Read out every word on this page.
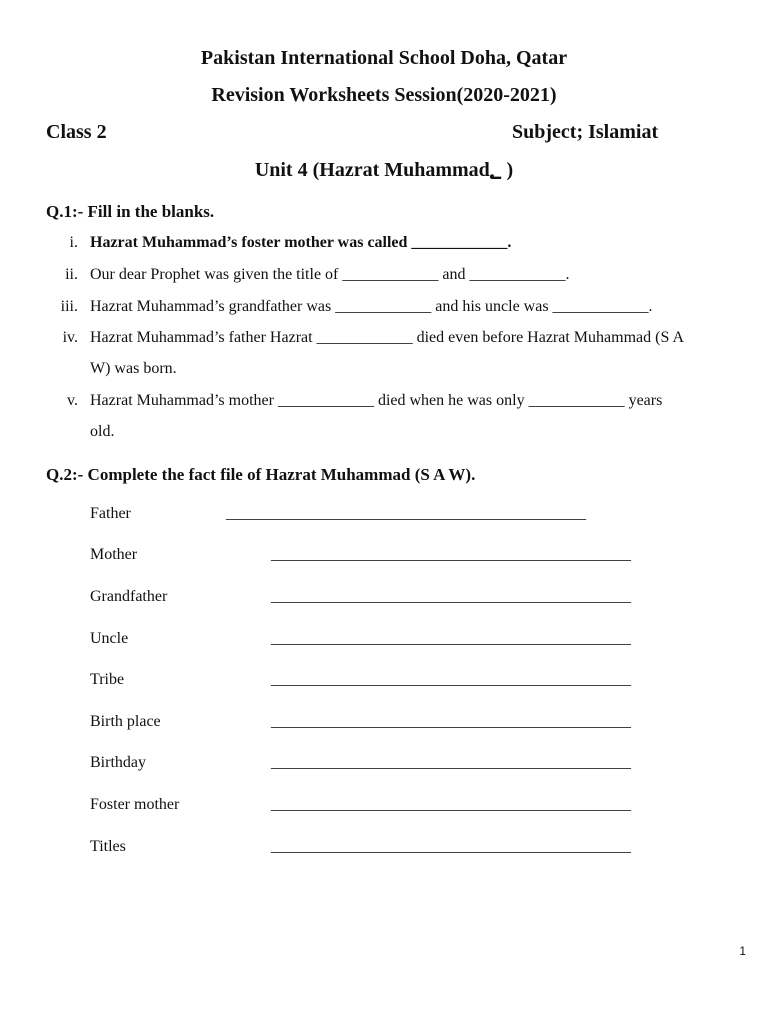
Pakistan International School Doha, Qatar
Revision Worksheets Session(2020-2021)
Class 2	Subject; Islamiat
Unit 4 (Hazrat Muhammad؂ )
Q.1:- Fill in the blanks.
i. Hazrat Muhammad’s foster mother was called ____________.
ii. Our dear Prophet was given the title of ____________ and ____________.
iii. Hazrat Muhammad’s grandfather was ____________ and his uncle was ____________.
iv. Hazrat Muhammad’s father Hazrat ____________ died even before Hazrat Muhammad (S A
W) was born.
v. Hazrat Muhammad’s mother ____________ died when he was only ____________ years
old.
Q.2:- Complete the fact file of Hazrat Muhammad (S A W).
Father	_____________________________________________
Mother	_____________________________________________
Grandfather	_____________________________________________
Uncle	_____________________________________________
Tribe	_____________________________________________
Birth place	_____________________________________________
Birthday	_____________________________________________
Foster mother	_____________________________________________
Titles	_____________________________________________
1
